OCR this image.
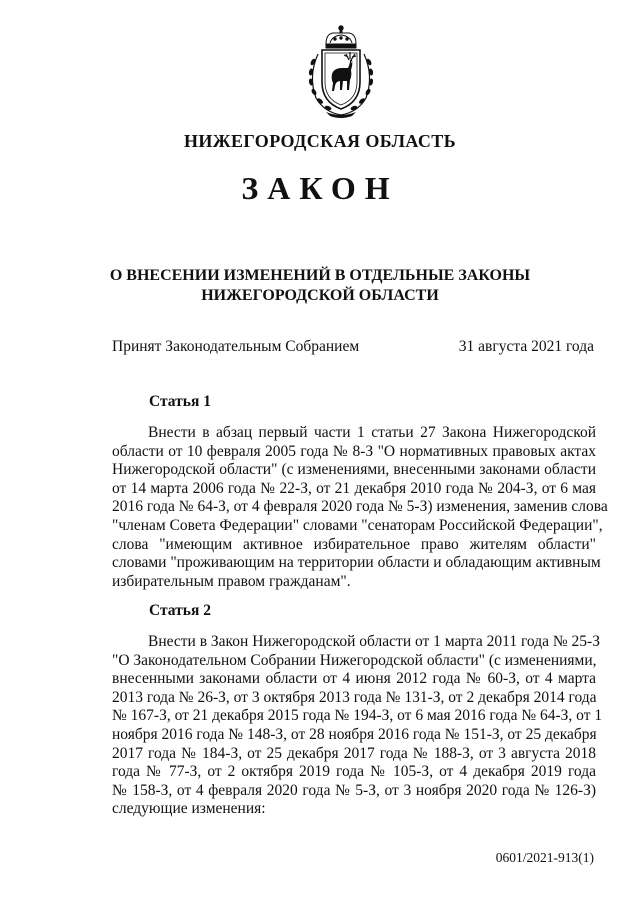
НИЖЕГОРОДСКАЯ ОБЛАСТЬ
ЗАКОН
О ВНЕСЕНИИ ИЗМЕНЕНИЙ В ОТДЕЛЬНЫЕ ЗАКОНЫ
НИЖЕГОРОДСКОЙ ОБЛАСТИ
Принят Законодательным Собранием	31 августа 2021 года
Статья 1
Внести в абзац первый части 1 статьи 27 Закона Нижегородской
области от 10 февраля 2005 года № 8-З "О нормативных правовых актах
Нижегородской области" (с изменениями, внесенными законами области
от 14 марта 2006 года № 22-З, от 21 декабря 2010 года № 204-З, от 6 мая
2016 года № 64-З, от 4 февраля 2020 года № 5-З) изменения, заменив слова
"членам Совета Федерации" словами "сенаторам Российской Федерации",
слова "имеющим активное избирательное право жителям области"
словами "проживающим на территории области и обладающим активным
избирательным правом гражданам".
Статья 2
Внести в Закон Нижегородской области от 1 марта 2011 года № 25-З
"О Законодательном Собрании Нижегородской области" (с изменениями,
внесенными законами области от 4 июня 2012 года № 60-З, от 4 марта
2013 года № 26-З, от 3 октября 2013 года № 131-З, от 2 декабря 2014 года
№ 167-З, от 21 декабря 2015 года № 194-З, от 6 мая 2016 года № 64-З, от 1
ноября 2016 года № 148-З, от 28 ноября 2016 года № 151-З, от 25 декабря
2017 года № 184-З, от 25 декабря 2017 года № 188-З, от 3 августа 2018
года № 77-З, от 2 октября 2019 года № 105-З, от 4 декабря 2019 года
№ 158-З, от 4 февраля 2020 года № 5-З, от 3 ноября 2020 года № 126-З)
следующие изменения:
0601/2021-913(1)
